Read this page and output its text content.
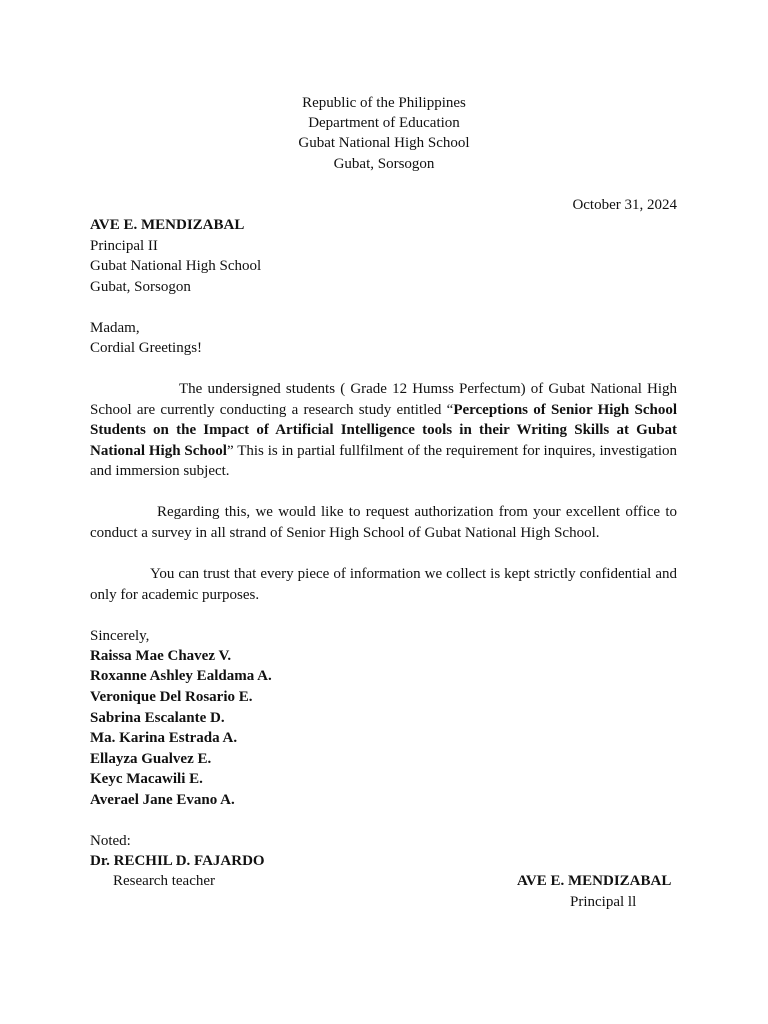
Republic of the Philippines
Department of Education
Gubat National High School
Gubat, Sorsogon
October 31, 2024
AVE E. MENDIZABAL
Principal II
Gubat National High School
Gubat, Sorsogon
Madam,
Cordial Greetings!

The undersigned students ( Grade 12 Humss Perfectum) of Gubat National High School are currently conducting a research study entitled “Perceptions of Senior High School Students on the Impact of Artificial Intelligence tools in their Writing Skills at Gubat National High School” This is in partial fullfilment of the requirement for inquires, investigation and immersion subject.

Regarding this, we would like to request authorization from your excellent office to conduct a survey in all strand of Senior High School of Gubat National High School.

You can trust that every piece of information we collect is kept strictly confidential and only for academic purposes.

Sincerely,
Raissa Mae Chavez V.
Roxanne Ashley Ealdama A.
Veronique Del Rosario E.
Sabrina Escalante D.
Ma. Karina Estrada A.
Ellayza Gualvez E.
Keyc Macawili E.
Averael Jane Evano A.
Noted:
Dr. RECHIL D. FAJARDO
Research teacher	AVE E. MENDIZABAL
Principal ll
